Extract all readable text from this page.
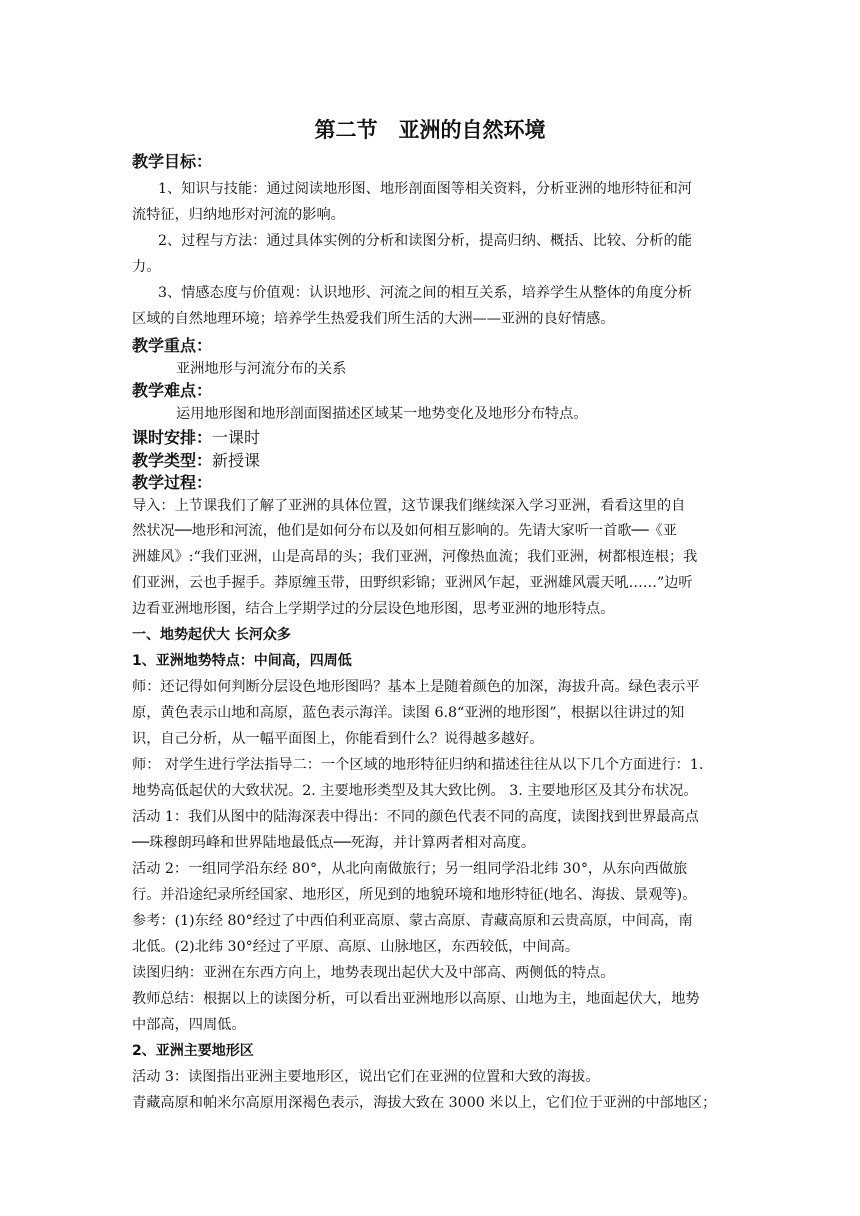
第二节　亚洲的自然环境
教学目标：
1、知识与技能：通过阅读地形图、地形剖面图等相关资料，分析亚洲的地形特征和河
流特征，归纳地形对河流的影响。
2、过程与方法：通过具体实例的分析和读图分析，提高归纳、概括、比较、分析的能
力。
3、情感态度与价值观：认识地形、河流之间的相互关系，培养学生从整体的角度分析
区域的自然地理环境；培养学生热爱我们所生活的大洲——亚洲的良好情感。
教学重点：
亚洲地形与河流分布的关系
教学难点：
运用地形图和地形剖面图描述区域某一地势变化及地形分布特点。
课时安排：一课时
教学类型：新授课
教学过程：
导入：上节课我们了解了亚洲的具体位置，这节课我们继续深入学习亚洲，看看这里的自
然状况──地形和河流，他们是如何分布以及如何相互影响的。先请大家听一首歌──《亚
洲雄风》:“我们亚洲，山是高昂的头；我们亚洲，河像热血流；我们亚洲，树都根连根；我
们亚洲，云也手握手。莽原缠玉带，田野织彩锦；亚洲风乍起，亚洲雄风震天吼……”边听
边看亚洲地形图，结合上学期学过的分层设色地形图，思考亚洲的地形特点。
一、地势起伏大 长河众多
1、亚洲地势特点：中间高，四周低
师：还记得如何判断分层设色地形图吗？基本上是随着颜色的加深，海拔升高。绿色表示平
原，黄色表示山地和高原，蓝色表示海洋。读图 6.8“亚洲的地形图”，根据以往讲过的知
识，自己分析，从一幅平面图上，你能看到什么？说得越多越好。
师： 对学生进行学法指导二：一个区域的地形特征归纳和描述往往从以下几个方面进行：1.
地势高低起伏的大致状况。2. 主要地形类型及其大致比例。 3. 主要地形区及其分布状况。
活动 1：我们从图中的陆海深表中得出：不同的颜色代表不同的高度，读图找到世界最高点
──珠穆朗玛峰和世界陆地最低点──死海，并计算两者相对高度。
活动 2：一组同学沿东经 80°，从北向南做旅行；另一组同学沿北纬 30°，从东向西做旅
行。并沿途纪录所经国家、地形区，所见到的地貌环境和地形特征(地名、海拔、景观等)。
参考：(1)东经 80°经过了中西伯利亚高原、蒙古高原、青藏高原和云贵高原，中间高，南
北低。(2)北纬 30°经过了平原、高原、山脉地区，东西较低，中间高。
读图归纳：亚洲在东西方向上，地势表现出起伏大及中部高、两侧低的特点。
教师总结：根据以上的读图分析，可以看出亚洲地形以高原、山地为主，地面起伏大，地势
中部高，四周低。
2、亚洲主要地形区
活动 3：读图指出亚洲主要地形区，说出它们在亚洲的位置和大致的海拔。
青藏高原和帕米尔高原用深褐色表示，海拔大致在 3000 米以上，它们位于亚洲的中部地区；
